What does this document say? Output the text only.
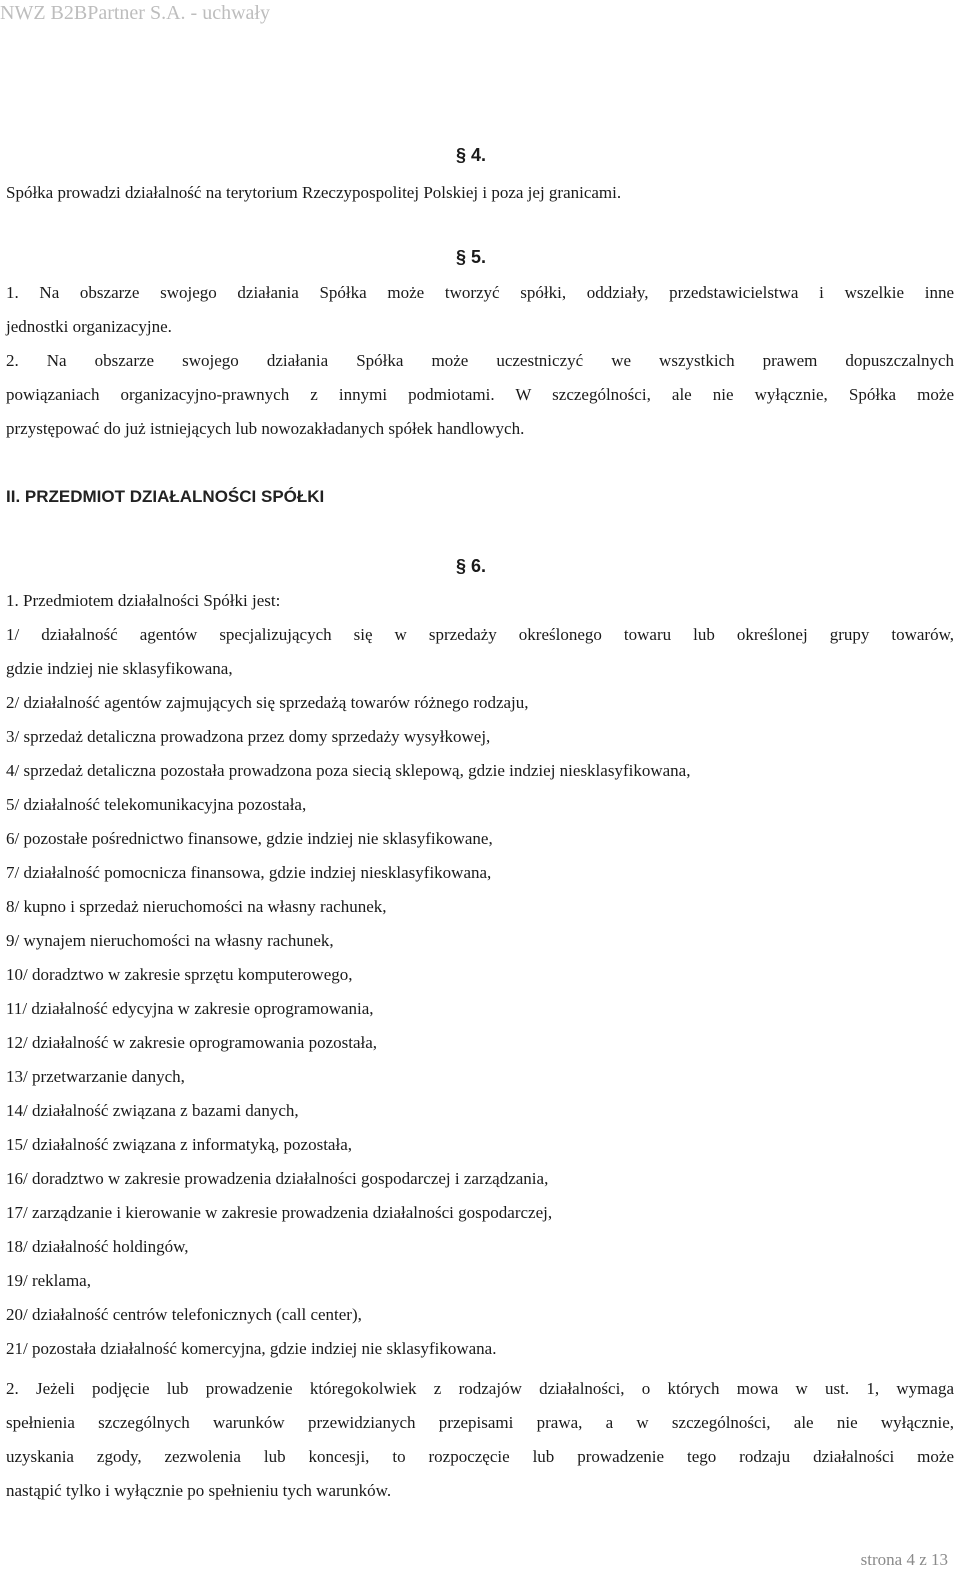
NWZ B2BPartner S.A. - uchwały
§ 4.
Spółka prowadzi działalność na terytorium Rzeczypospolitej Polskiej i poza jej granicami.
§ 5.
1. Na obszarze swojego działania Spółka może tworzyć spółki, oddziały, przedstawicielstwa i wszelkie inne
jednostki organizacyjne.
2. Na obszarze swojego działania Spółka może uczestniczyć we wszystkich prawem dopuszczalnych
powiązaniach organizacyjno-prawnych z innymi podmiotami. W szczególności, ale nie wyłącznie, Spółka może
przystępować do już istniejących lub nowozakładanych spółek handlowych.
II. PRZEDMIOT DZIAŁALNOŚCI SPÓŁKI
§ 6.
1. Przedmiotem działalności Spółki jest:
1/ działalność agentów specjalizujących się w sprzedaży określonego towaru lub określonej grupy towarów,
gdzie indziej nie sklasyfikowana,
2/ działalność agentów zajmujących się sprzedażą towarów różnego rodzaju,
3/ sprzedaż detaliczna prowadzona przez domy sprzedaży wysyłkowej,
4/ sprzedaż detaliczna pozostała prowadzona poza siecią sklepową, gdzie indziej niesklasyfikowana,
5/ działalność telekomunikacyjna pozostała,
6/ pozostałe pośrednictwo finansowe, gdzie indziej nie sklasyfikowane,
7/ działalność pomocnicza finansowa, gdzie indziej niesklasyfikowana,
8/ kupno i sprzedaż nieruchomości na własny rachunek,
9/ wynajem nieruchomości na własny rachunek,
10/ doradztwo w zakresie sprzętu komputerowego,
11/ działalność edycyjna w zakresie oprogramowania,
12/ działalność w zakresie oprogramowania pozostała,
13/ przetwarzanie danych,
14/ działalność związana z bazami danych,
15/ działalność związana z informatyką, pozostała,
16/ doradztwo w zakresie prowadzenia działalności gospodarczej i zarządzania,
17/ zarządzanie i kierowanie w zakresie prowadzenia działalności gospodarczej,
18/ działalność holdingów,
19/ reklama,
20/ działalność centrów telefonicznych (call center),
21/ pozostała działalność komercyjna, gdzie indziej nie sklasyfikowana.
2. Jeżeli podjęcie lub prowadzenie któregokolwiek z rodzajów działalności, o których mowa w ust. 1, wymaga
spełnienia szczególnych warunków przewidzianych przepisami prawa, a w szczególności, ale nie wyłącznie,
uzyskania zgody, zezwolenia lub koncesji, to rozpoczęcie lub prowadzenie tego rodzaju działalności może
nastąpić tylko i wyłącznie po spełnieniu tych warunków.
strona 4 z 13
